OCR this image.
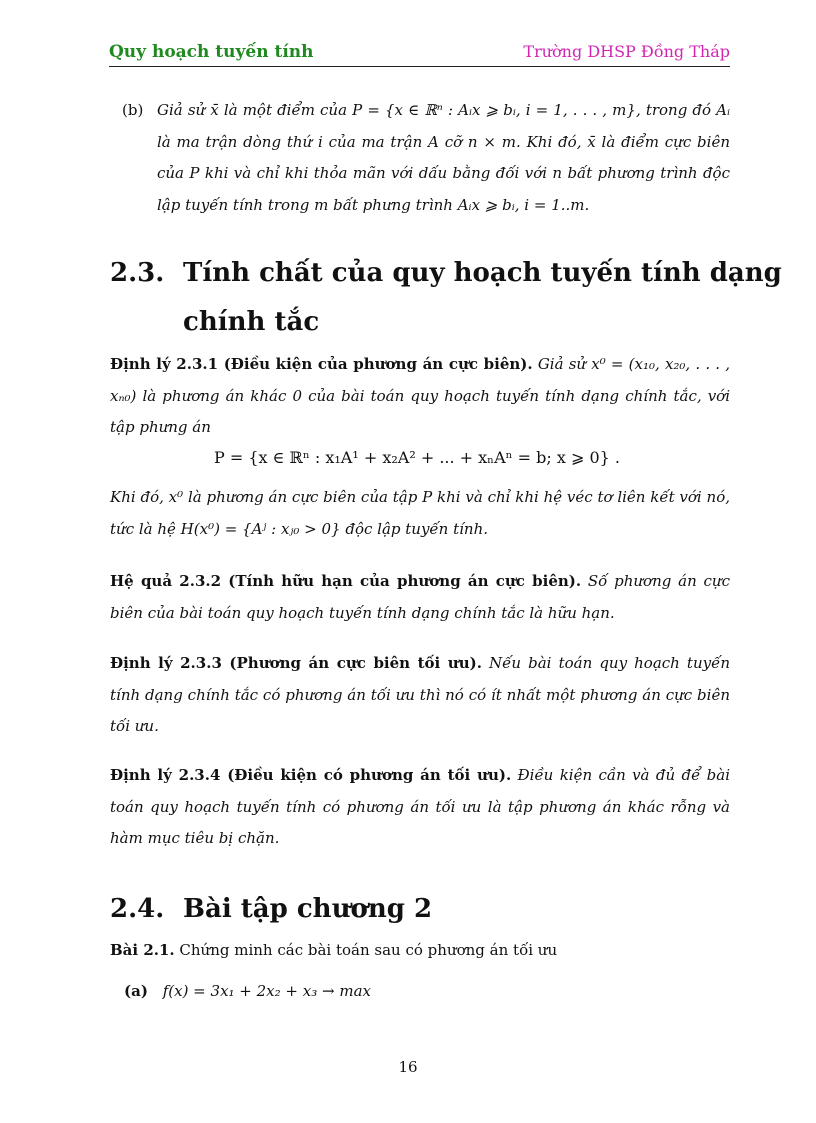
Quy hoạch tuyến tính	Trường DHSP Đồng Tháp
(b) Giả sử x̄ là một điểm của P = {x ∈ ℝⁿ : Aᵢx ⩾ bᵢ, i = 1, . . . , m}, trong đó Aᵢ là ma trận dòng thứ i của ma trận A cỡ n × m. Khi đó, x̄ là điểm cực biên của P khi và chỉ khi thỏa mãn với dấu bằng đối với n bất phương trình độc lập tuyến tính trong m bất phưng trình Aᵢx ⩾ bᵢ, i = 1..m.
2.3. Tính chất của quy hoạch tuyến tính dạng
chính tắc
Định lý 2.3.1 (Điều kiện của phương án cực biên). Giả sử x⁰ = (x₁₀, x₂₀, . . . , xₙ₀) là phương án khác 0 của bài toán quy hoạch tuyến tính dạng chính tắc, với tập phưng án
P = {x ∈ ℝⁿ : x₁A¹ + x₂A² + ... + xₙAⁿ = b; x ⩾ 0} .
Khi đó, x⁰ là phương án cực biên của tập P khi và chỉ khi hệ véc tơ liên kết với nó, tức là hệ H(x⁰) = {Aʲ : xⱼ₀ > 0} độc lập tuyến tính.
Hệ quả 2.3.2 (Tính hữu hạn của phương án cực biên). Số phương án cực biên của bài toán quy hoạch tuyến tính dạng chính tắc là hữu hạn.
Định lý 2.3.3 (Phương án cực biên tối ưu). Nếu bài toán quy hoạch tuyến tính dạng chính tắc có phương án tối ưu thì nó có ít nhất một phương án cực biên tối ưu.
Định lý 2.3.4 (Điều kiện có phương án tối ưu). Điều kiện cần và đủ để bài toán quy hoạch tuyến tính có phương án tối ưu là tập phương án khác rỗng và hàm mục tiêu bị chặn.
2.4. Bài tập chương 2
Bài 2.1. Chứng minh các bài toán sau có phương án tối ưu
(a) f(x) = 3x₁ + 2x₂ + x₃ → max
16
